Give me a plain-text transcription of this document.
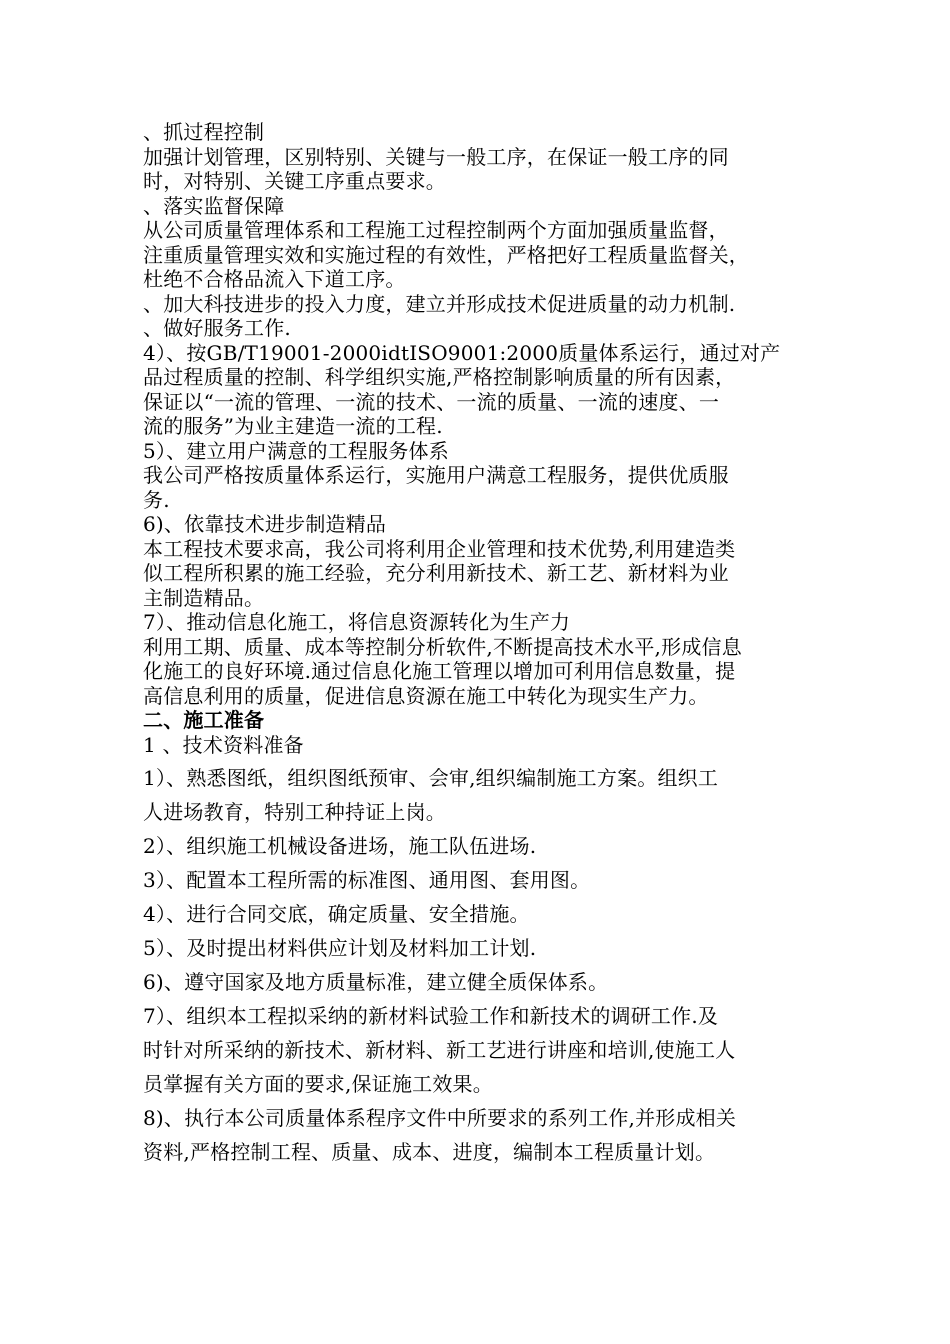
、抓过程控制
加强计划管理，区别特别、关键与一般工序，在保证一般工序的同
时，对特别、关键工序重点要求。
、落实监督保障
从公司质量管理体系和工程施工过程控制两个方面加强质量监督，
注重质量管理实效和实施过程的有效性，严格把好工程质量监督关，
杜绝不合格品流入下道工序。
、加大科技进步的投入力度，建立并形成技术促进质量的动力机制.
、做好服务工作.
4）、按GB/T19001-2000idtISO9001:2000质量体系运行，通过对产
品过程质量的控制、科学组织实施,严格控制影响质量的所有因素，
保证以“一流的管理、一流的技术、一流的质量、一流的速度、一
流的服务”为业主建造一流的工程.
5）、建立用户满意的工程服务体系
我公司严格按质量体系运行，实施用户满意工程服务，提供优质服
务.
6)、依靠技术进步制造精品
本工程技术要求高，我公司将利用企业管理和技术优势,利用建造类
似工程所积累的施工经验，充分利用新技术、新工艺、新材料为业
主制造精品。
7）、推动信息化施工，将信息资源转化为生产力
利用工期、质量、成本等控制分析软件,不断提高技术水平,形成信息
化施工的良好环境.通过信息化施工管理以增加可利用信息数量，提
高信息利用的质量，促进信息资源在施工中转化为现实生产力。
二、施工准备
1 、技术资料准备
1）、熟悉图纸，组织图纸预审、会审,组织编制施工方案。组织工
人进场教育，特别工种持证上岗。
2）、组织施工机械设备进场，施工队伍进场.
3）、配置本工程所需的标准图、通用图、套用图。
4）、进行合同交底，确定质量、安全措施。
5）、及时提出材料供应计划及材料加工计划.
6)、遵守国家及地方质量标准，建立健全质保体系。
7）、组织本工程拟采纳的新材料试验工作和新技术的调研工作.及
时针对所采纳的新技术、新材料、新工艺进行讲座和培训,使施工人
员掌握有关方面的要求,保证施工效果。
8)、执行本公司质量体系程序文件中所要求的系列工作,并形成相关
资料,严格控制工程、质量、成本、进度，编制本工程质量计划。
